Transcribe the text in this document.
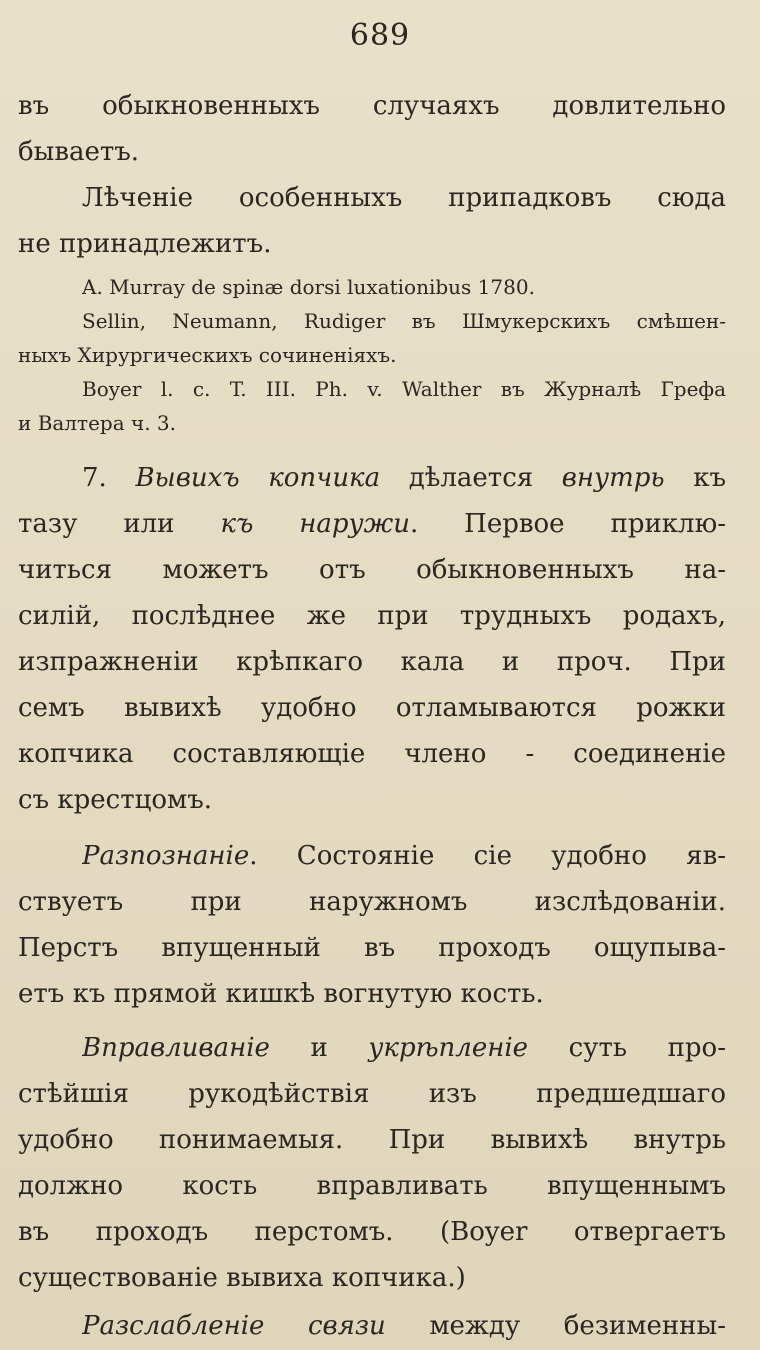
689
въ обыкновенныхъ случаяхъ довлительно
бываетъ.
Лѣченіе особенныхъ припадковъ сюда
не принадлежитъ.
A. Murray de spinæ dorsi luxationibus 1780.
Sellin, Neumann, Rudiger въ Шмукерскихъ смѣшен-
ныхъ Хирургическихъ сочиненіяхъ.
Boyer l. c. T. III. Ph. v. Walther въ Журналѣ Грефа
и Валтера ч. 3.
7. Вывихъ копчика дѣлается внутрь къ
тазу или къ наружи. Первое приклю-
читься можетъ отъ обыкновенныхъ на-
силій, послѣднее же при трудныхъ родахъ,
изпражненіи крѣпкаго кала и проч. При
семъ вывихѣ удобно отламываются рожки
копчика составляющіе члено - соединеніе
съ крестцомъ.
Разпознаніе. Состояніе сіе удобно яв-
ствуетъ при наружномъ изслѣдованіи.
Перстъ впущенный въ проходъ ощупыва-
етъ къ прямой кишкѣ вогнутую кость.
Вправливаніе и укрѣпленіе суть про-
стѣйшія рукодѣйствія изъ предшедшаго
удобно понимаемыя. При вывихѣ внутрь
должно кость вправливать впущеннымъ
въ проходъ перстомъ. (Boyer отвергаетъ
существованіе вывиха копчика.)
Разслабленіе связи между безименны-
